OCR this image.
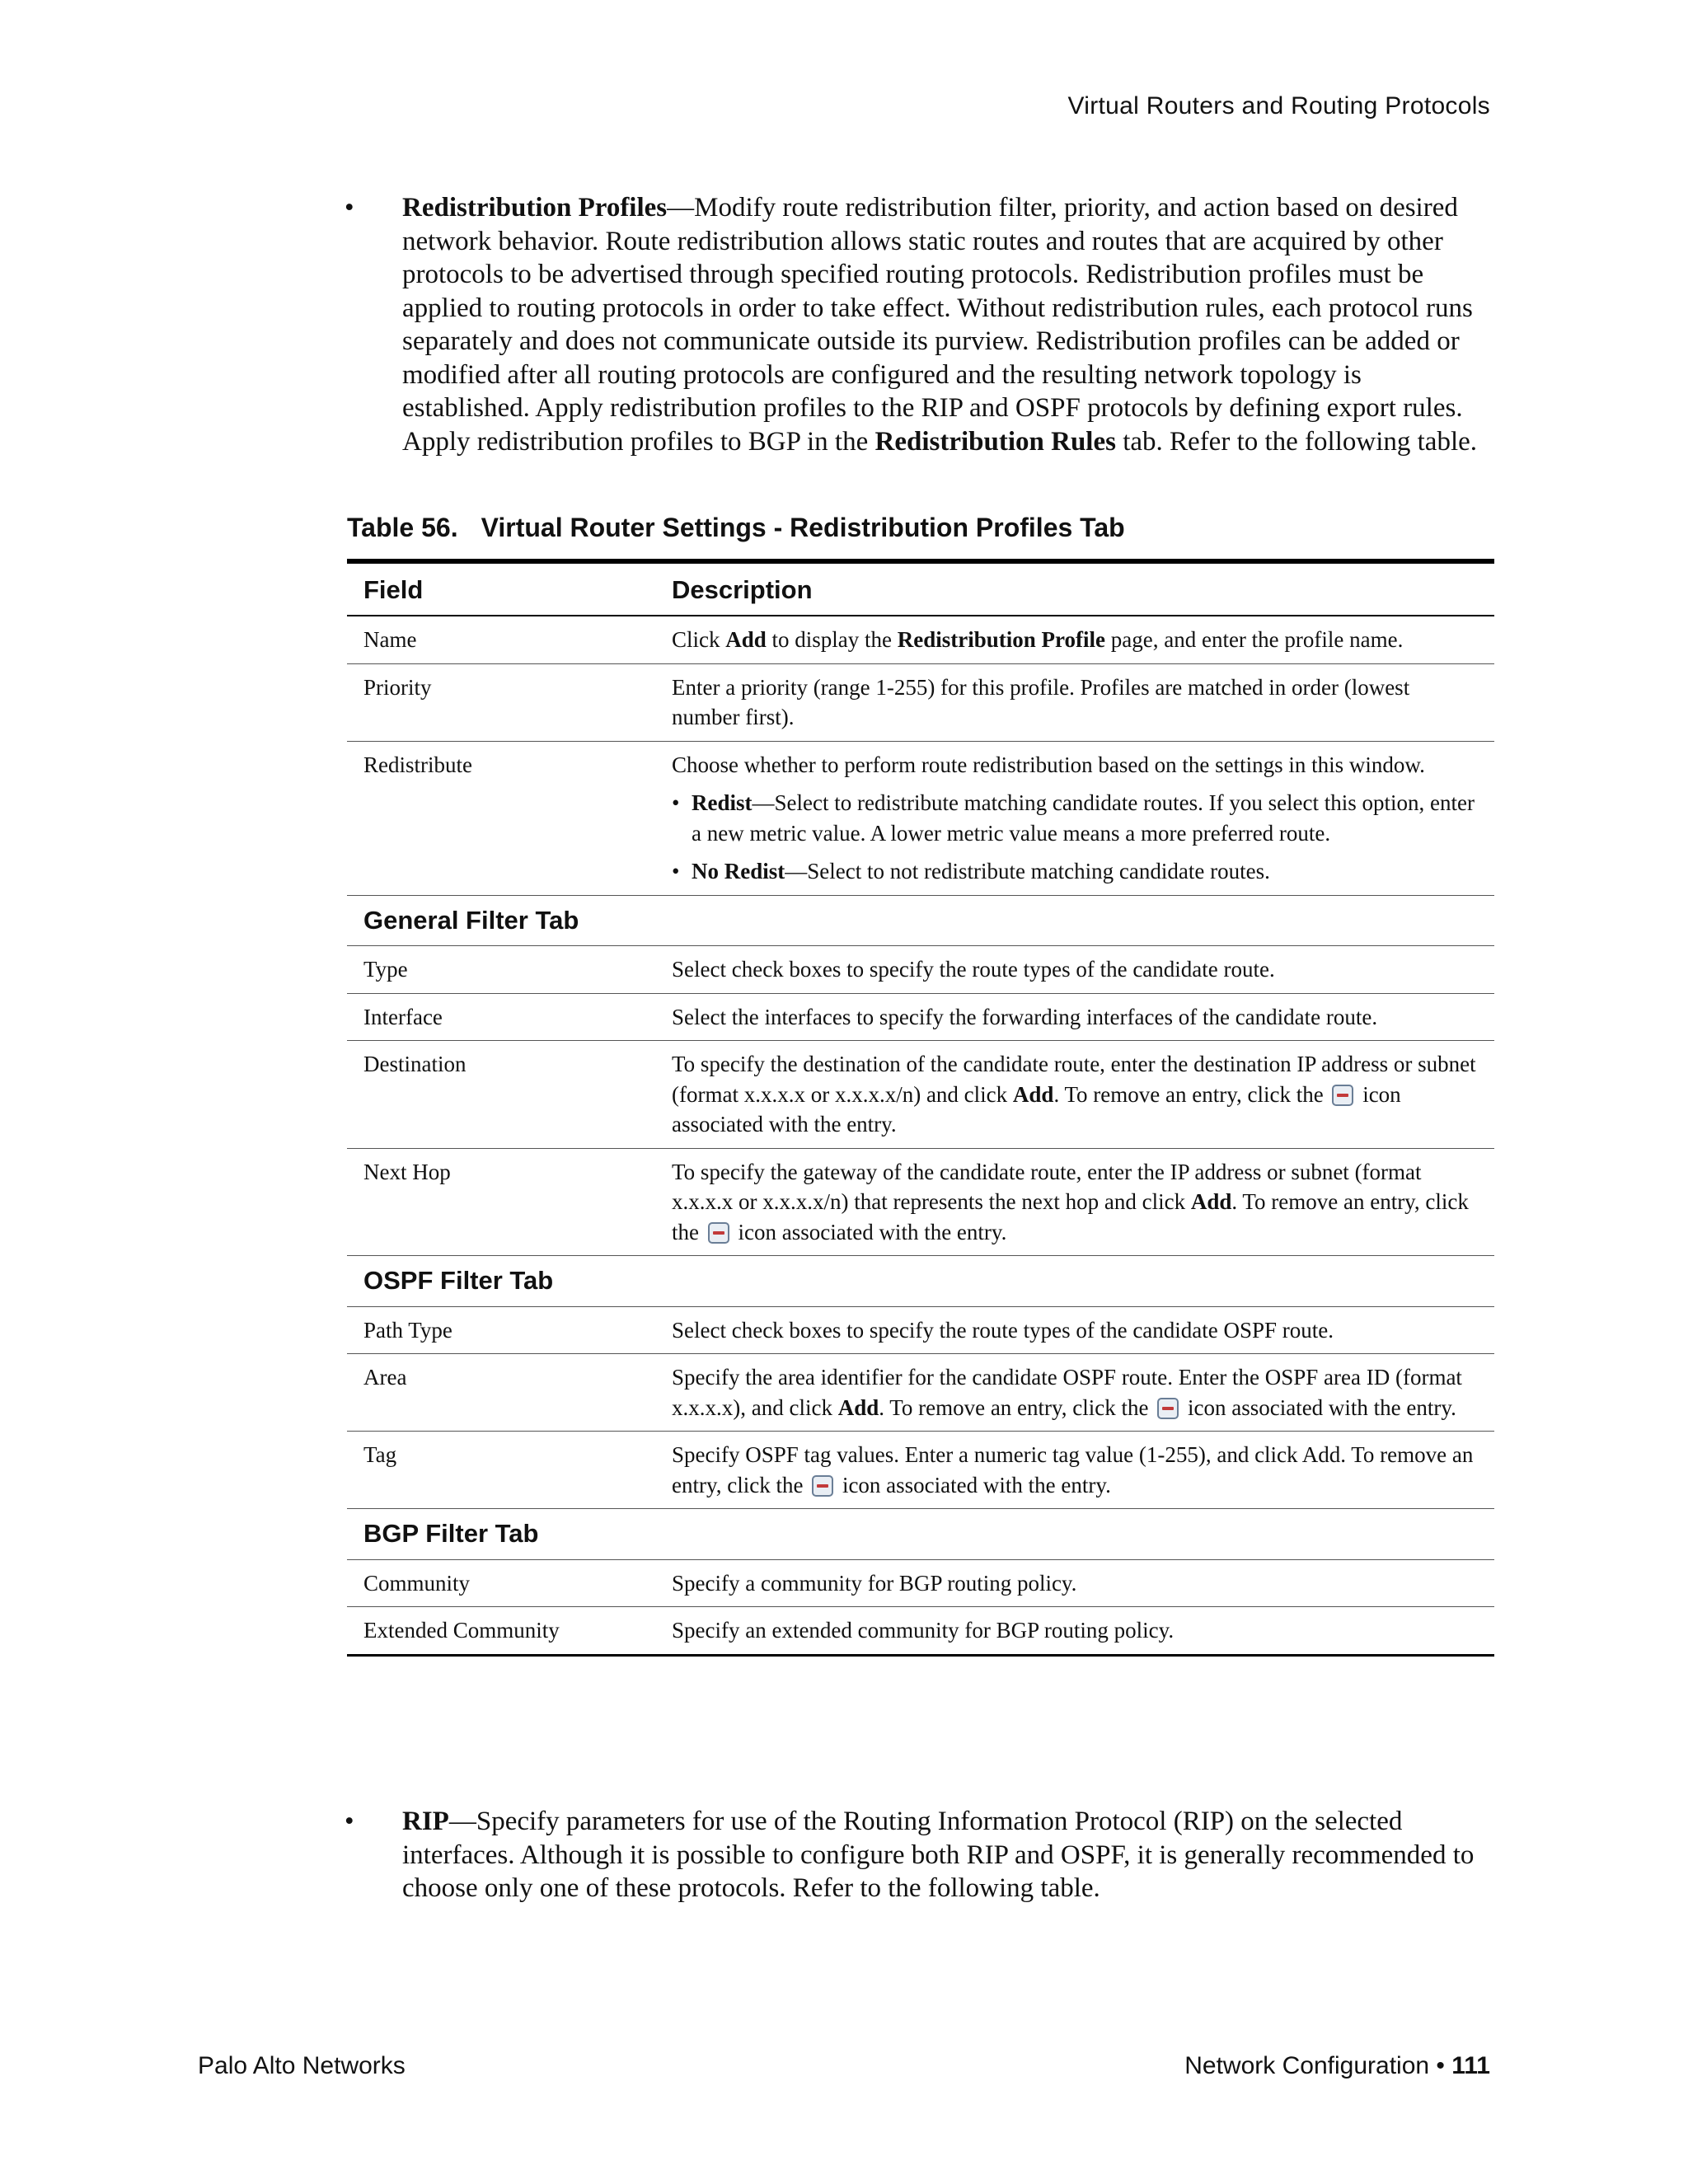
Virtual Routers and Routing Protocols
• Redistribution Profiles—Modify route redistribution filter, priority, and action based on desired network behavior. Route redistribution allows static routes and routes that are acquired by other protocols to be advertised through specified routing protocols. Redistribution profiles must be applied to routing protocols in order to take effect. Without redistribution rules, each protocol runs separately and does not communicate outside its purview. Redistribution profiles can be added or modified after all routing protocols are configured and the resulting network topology is established. Apply redistribution profiles to the RIP and OSPF protocols by defining export rules. Apply redistribution profiles to BGP in the Redistribution Rules tab. Refer to the following table.
Table 56. Virtual Router Settings - Redistribution Profiles Tab
Field	Description
Name	Click Add to display the Redistribution Profile page, and enter the profile name.
Priority	Enter a priority (range 1-255) for this profile. Profiles are matched in order (lowest number first).
Redistribute	Choose whether to perform route redistribution based on the settings in this window.
• Redist—Select to redistribute matching candidate routes. If you select this option, enter a new metric value. A lower metric value means a more preferred route.
• No Redist—Select to not redistribute matching candidate routes.

General Filter Tab	
Type	Select check boxes to specify the route types of the candidate route.
Interface	Select the interfaces to specify the forwarding interfaces of the candidate route.
Destination	To specify the destination of the candidate route, enter the destination IP address or subnet (format x.x.x.x or x.x.x.x/n) and click Add. To remove an entry, click the  icon associated with the entry.
Next Hop	To specify the gateway of the candidate route, enter the IP address or subnet (format x.x.x.x or x.x.x.x/n) that represents the next hop and click Add. To remove an entry, click the  icon associated with the entry.
OSPF Filter Tab	
Path Type	Select check boxes to specify the route types of the candidate OSPF route.
Area	Specify the area identifier for the candidate OSPF route. Enter the OSPF area ID (format x.x.x.x), and click Add. To remove an entry, click the  icon associated with the entry.
Tag	Specify OSPF tag values. Enter a numeric tag value (1-255), and click Add. To remove an entry, click the  icon associated with the entry.
BGP Filter Tab	
Community	Specify a community for BGP routing policy.
Extended Community	Specify an extended community for BGP routing policy.
• RIP—Specify parameters for use of the Routing Information Protocol (RIP) on the selected interfaces. Although it is possible to configure both RIP and OSPF, it is generally recommended to choose only one of these protocols. Refer to the following table.
Palo Alto Networks	Network Configuration • 111
